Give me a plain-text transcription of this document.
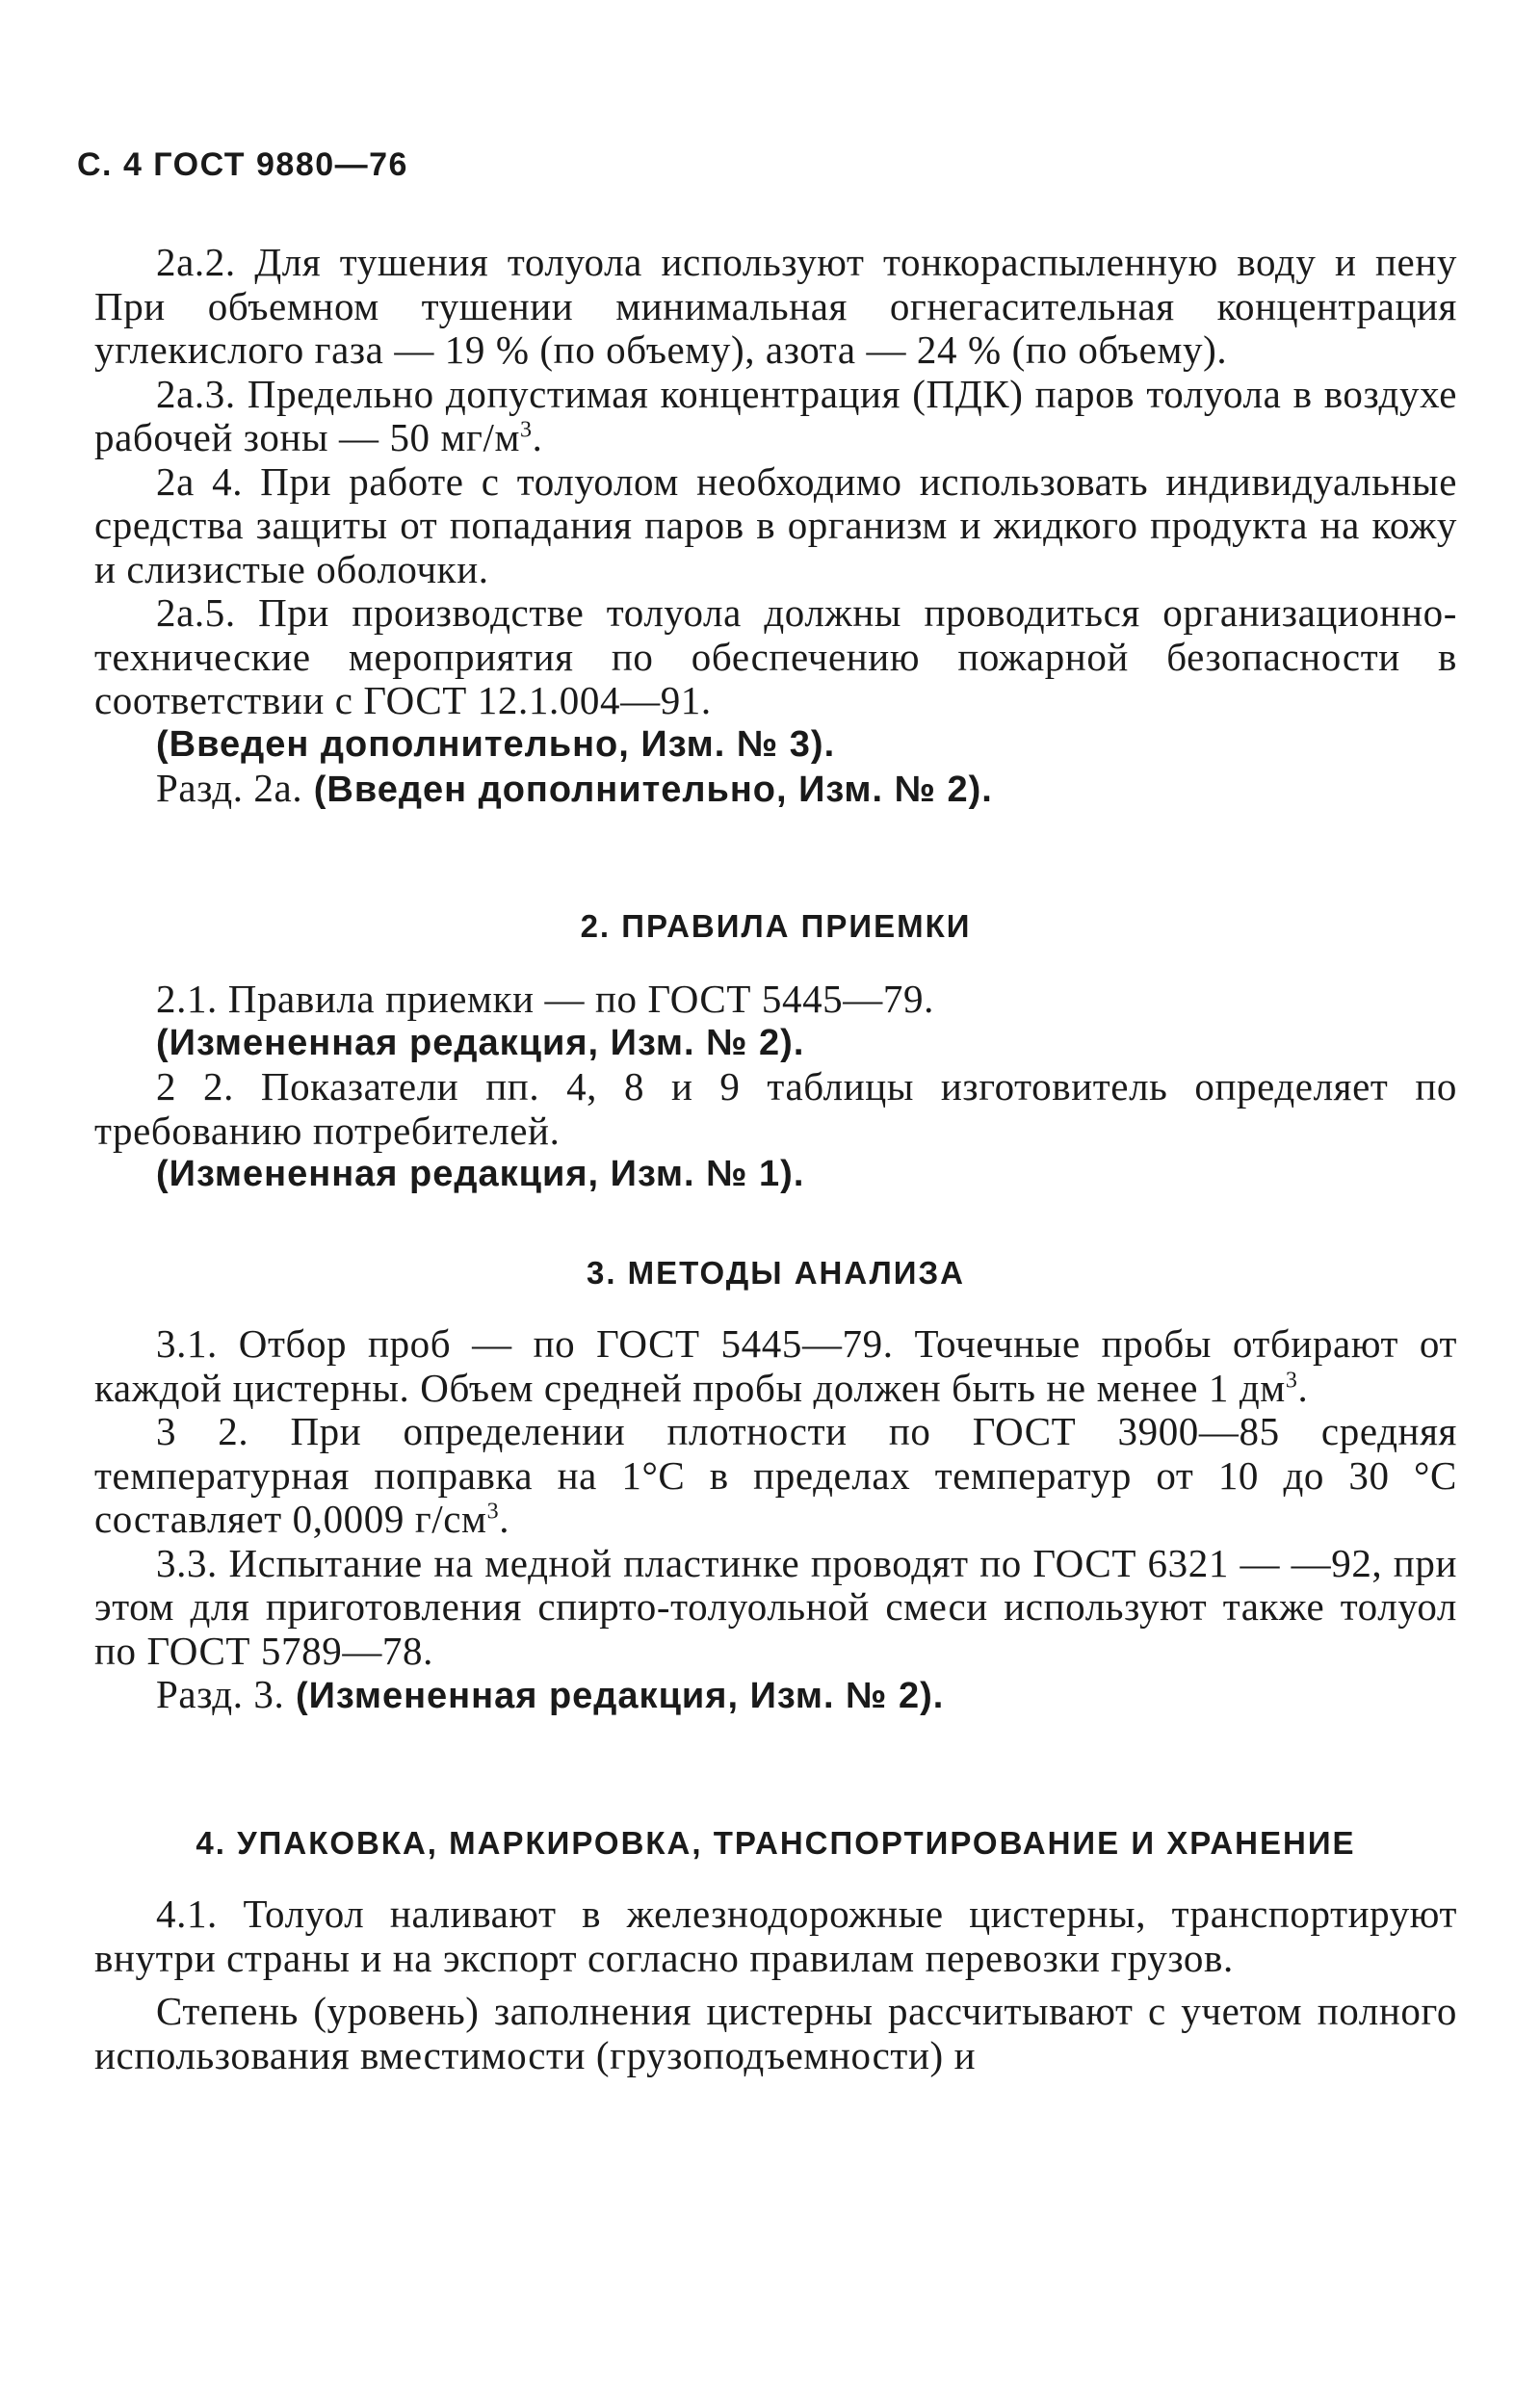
С. 4 ГОСТ 9880—76

2а.2. Для тушения толуола используют тонкораспыленную воду и пену При объемном тушении минимальная огнегасительная концентрация углекислого газа — 19 % (по объему), азота — 24 % (по объему).

2а.3. Предельно допустимая концентрация (ПДК) паров толуола в воздухе рабочей зоны — 50 $мг/м^3$.

2а 4. При работе с толуолом необходимо использовать индивидуальные средства защиты от попадания паров в организм и жидкого продукта на кожу и слизистые оболочки.

2а.5. При производстве толуола должны проводиться организационно-технические мероприятия по обеспечению пожарной безопасности в соответствии с ГОСТ 12.1.004—91.

(Введен дополнительно, Изм. № 3).

Разд. 2а. (Введен дополнительно, Изм. № 2).

2. ПРАВИЛА ПРИЕМКИ

2.1. Правила приемки — по ГОСТ 5445—79.

(Измененная редакция, Изм. № 2).

2 2. Показатели пп. 4, 8 и 9 таблицы изготовитель определяет по требованию потребителей.

(Измененная редакция, Изм. № 1).

3. МЕТОДЫ АНАЛИЗА

3.1. Отбор проб — по ГОСТ 5445—79. Точечные пробы отбирают от каждой цистерны. Объем средней пробы должен быть не менее 1 $дм^3$.

3 2. При определении плотности по ГОСТ 3900—85 средняя температурная поправка на 1°С в пределах температур от 10 до 30 °С составляет 0,0009 $г/см^3$.

3.3. Испытание на медной пластинке проводят по ГОСТ 6321 — —92, при этом для приготовления спирто-толуольной смеси используют также толуол по ГОСТ 5789—78.

Разд. 3. (Измененная редакция, Изм. № 2).

4. УПАКОВКА, МАРКИРОВКА, ТРАНСПОРТИРОВАНИЕ И ХРАНЕНИЕ

4.1. Толуол наливают в железнодорожные цистерны, транспортируют внутри страны и на экспорт согласно правилам перевозки грузов.

Степень (уровень) заполнения цистерны рассчитывают с учетом полного использования вместимости (грузоподъемности) и
